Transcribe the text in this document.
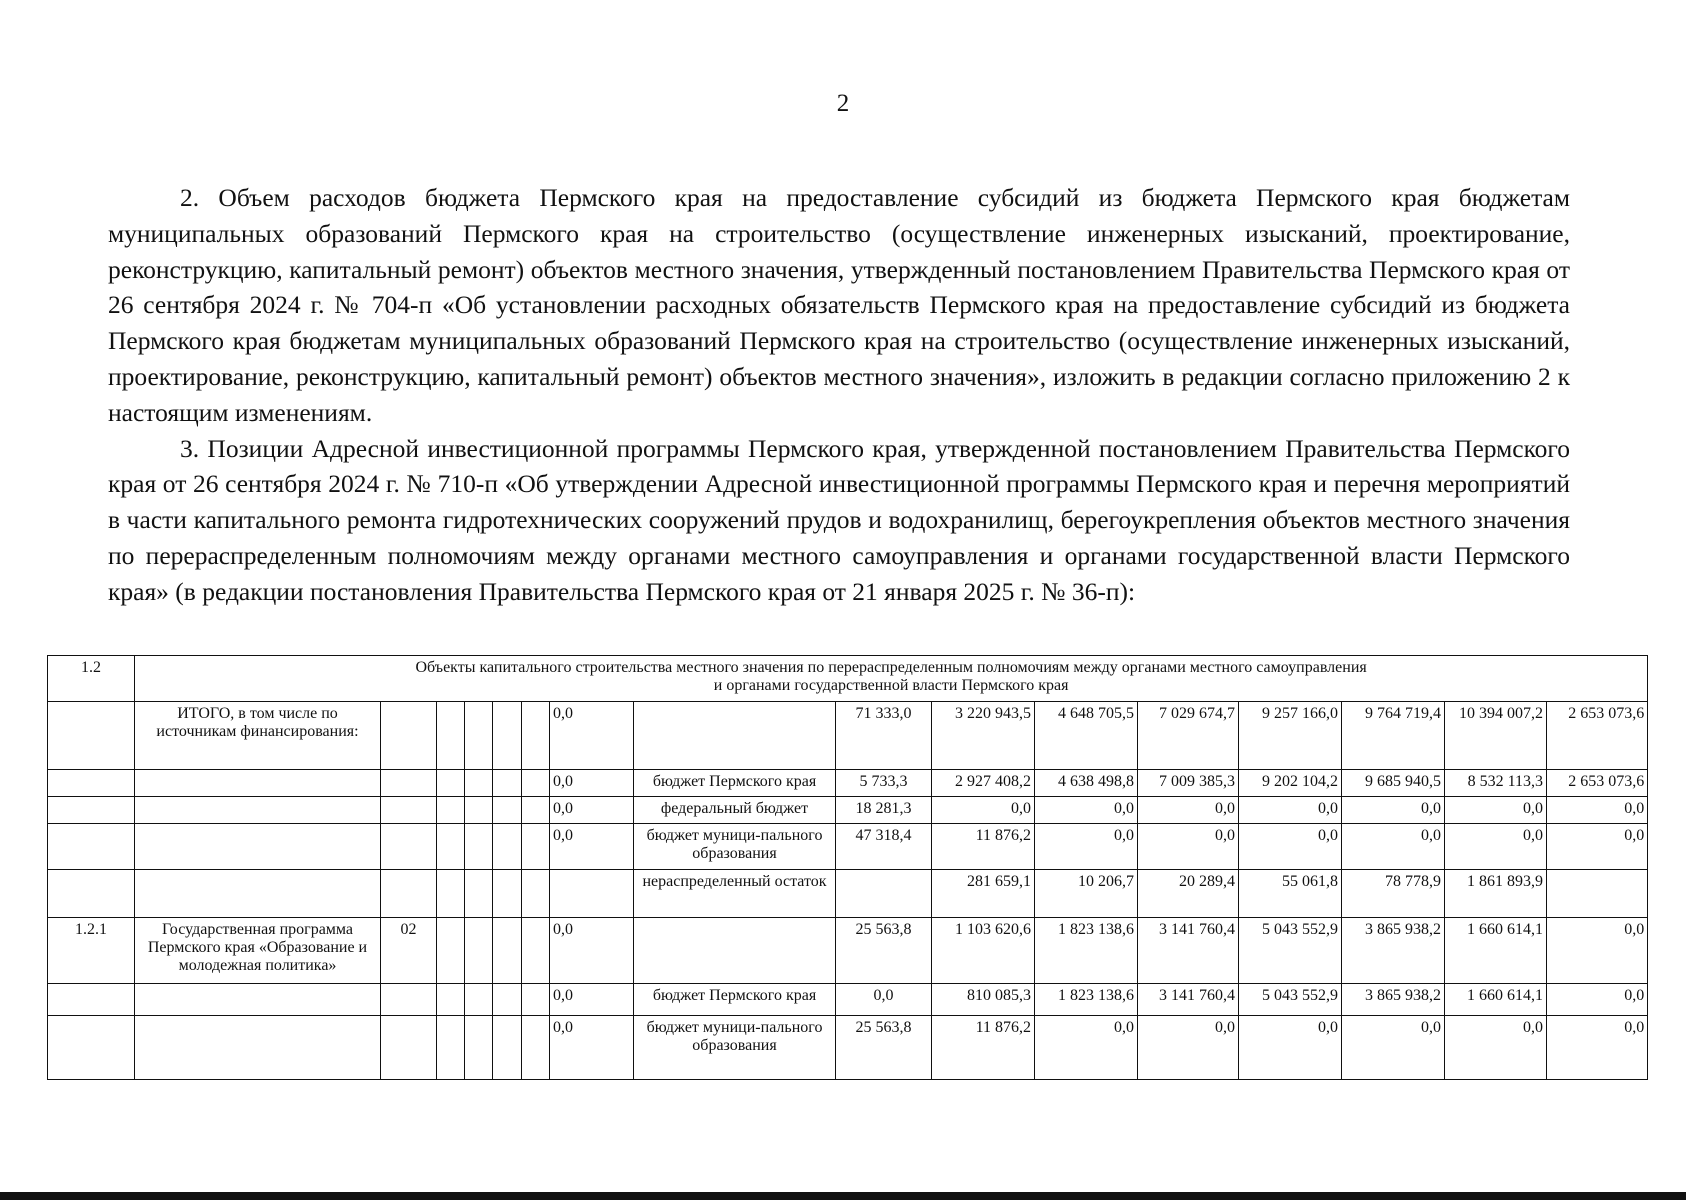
2

2. Объем расходов бюджета Пермского края на предоставление субсидий из бюджета Пермского края бюджетам муниципальных образований Пермского края на строительство (осуществление инженерных изысканий, проектирование, реконструкцию, капитальный ремонт) объектов местного значения, утвержденный постановлением Правительства Пермского края от 26 сентября 2024 г. № 704-п «Об установлении расходных обязательств Пермского края на предоставление субсидий из бюджета Пермского края бюджетам муниципальных образований Пермского края на строительство (осуществление инженерных изысканий, проектирование, реконструкцию, капитальный ремонт) объектов местного значения», изложить в редакции согласно приложению 2 к настоящим изменениям.

3. Позиции Адресной инвестиционной программы Пермского края, утвержденной постановлением Правительства Пермского края от 26 сентября 2024 г. № 710-п «Об утверждении Адресной инвестиционной программы Пермского края и перечня мероприятий в части капитального ремонта гидротехнических сооружений прудов и водохранилищ, берегоукрепления объектов местного значения по перераспределенным полномочиям между органами местного самоуправления и органами государственной власти Пермского края» (в редакции постановления Правительства Пермского края от 21 января 2025 г. № 36-п):

1.2	Объекты капитального строительства местного значения по перераспределенным полномочиям между органами местного самоуправления
и органами государственной власти Пермского края															

	ИТОГО, в том числе по источникам финансирования:						0,0		71 333,0	3 220 943,5	4 648 705,5	7 029 674,7	9 257 166,0	9 764 719,4	10 394 007,2	2 653 073,6
							0,0	бюджет Пермского края	5 733,3	2 927 408,2	4 638 498,8	7 009 385,3	9 202 104,2	9 685 940,5	8 532 113,3	2 653 073,6
							0,0	федеральный бюджет	18 281,3	0,0	0,0	0,0	0,0	0,0	0,0	0,0
							0,0	бюджет муници-пального образования	47 318,4	11 876,2	0,0	0,0	0,0	0,0	0,0	0,0
								нераспределенный остаток		281 659,1	10 206,7	20 289,4	55 061,8	78 778,9	1 861 893,9	
1.2.1	Государственная программа Пермского края «Образование и молодежная политика»	02					0,0		25 563,8	1 103 620,6	1 823 138,6	3 141 760,4	5 043 552,9	3 865 938,2	1 660 614,1	0,0
							0,0	бюджет Пермского края	0,0	810 085,3	1 823 138,6	3 141 760,4	5 043 552,9	3 865 938,2	1 660 614,1	0,0
							0,0	бюджет муници-пального образования	25 563,8	11 876,2	0,0	0,0	0,0	0,0	0,0	0,0
